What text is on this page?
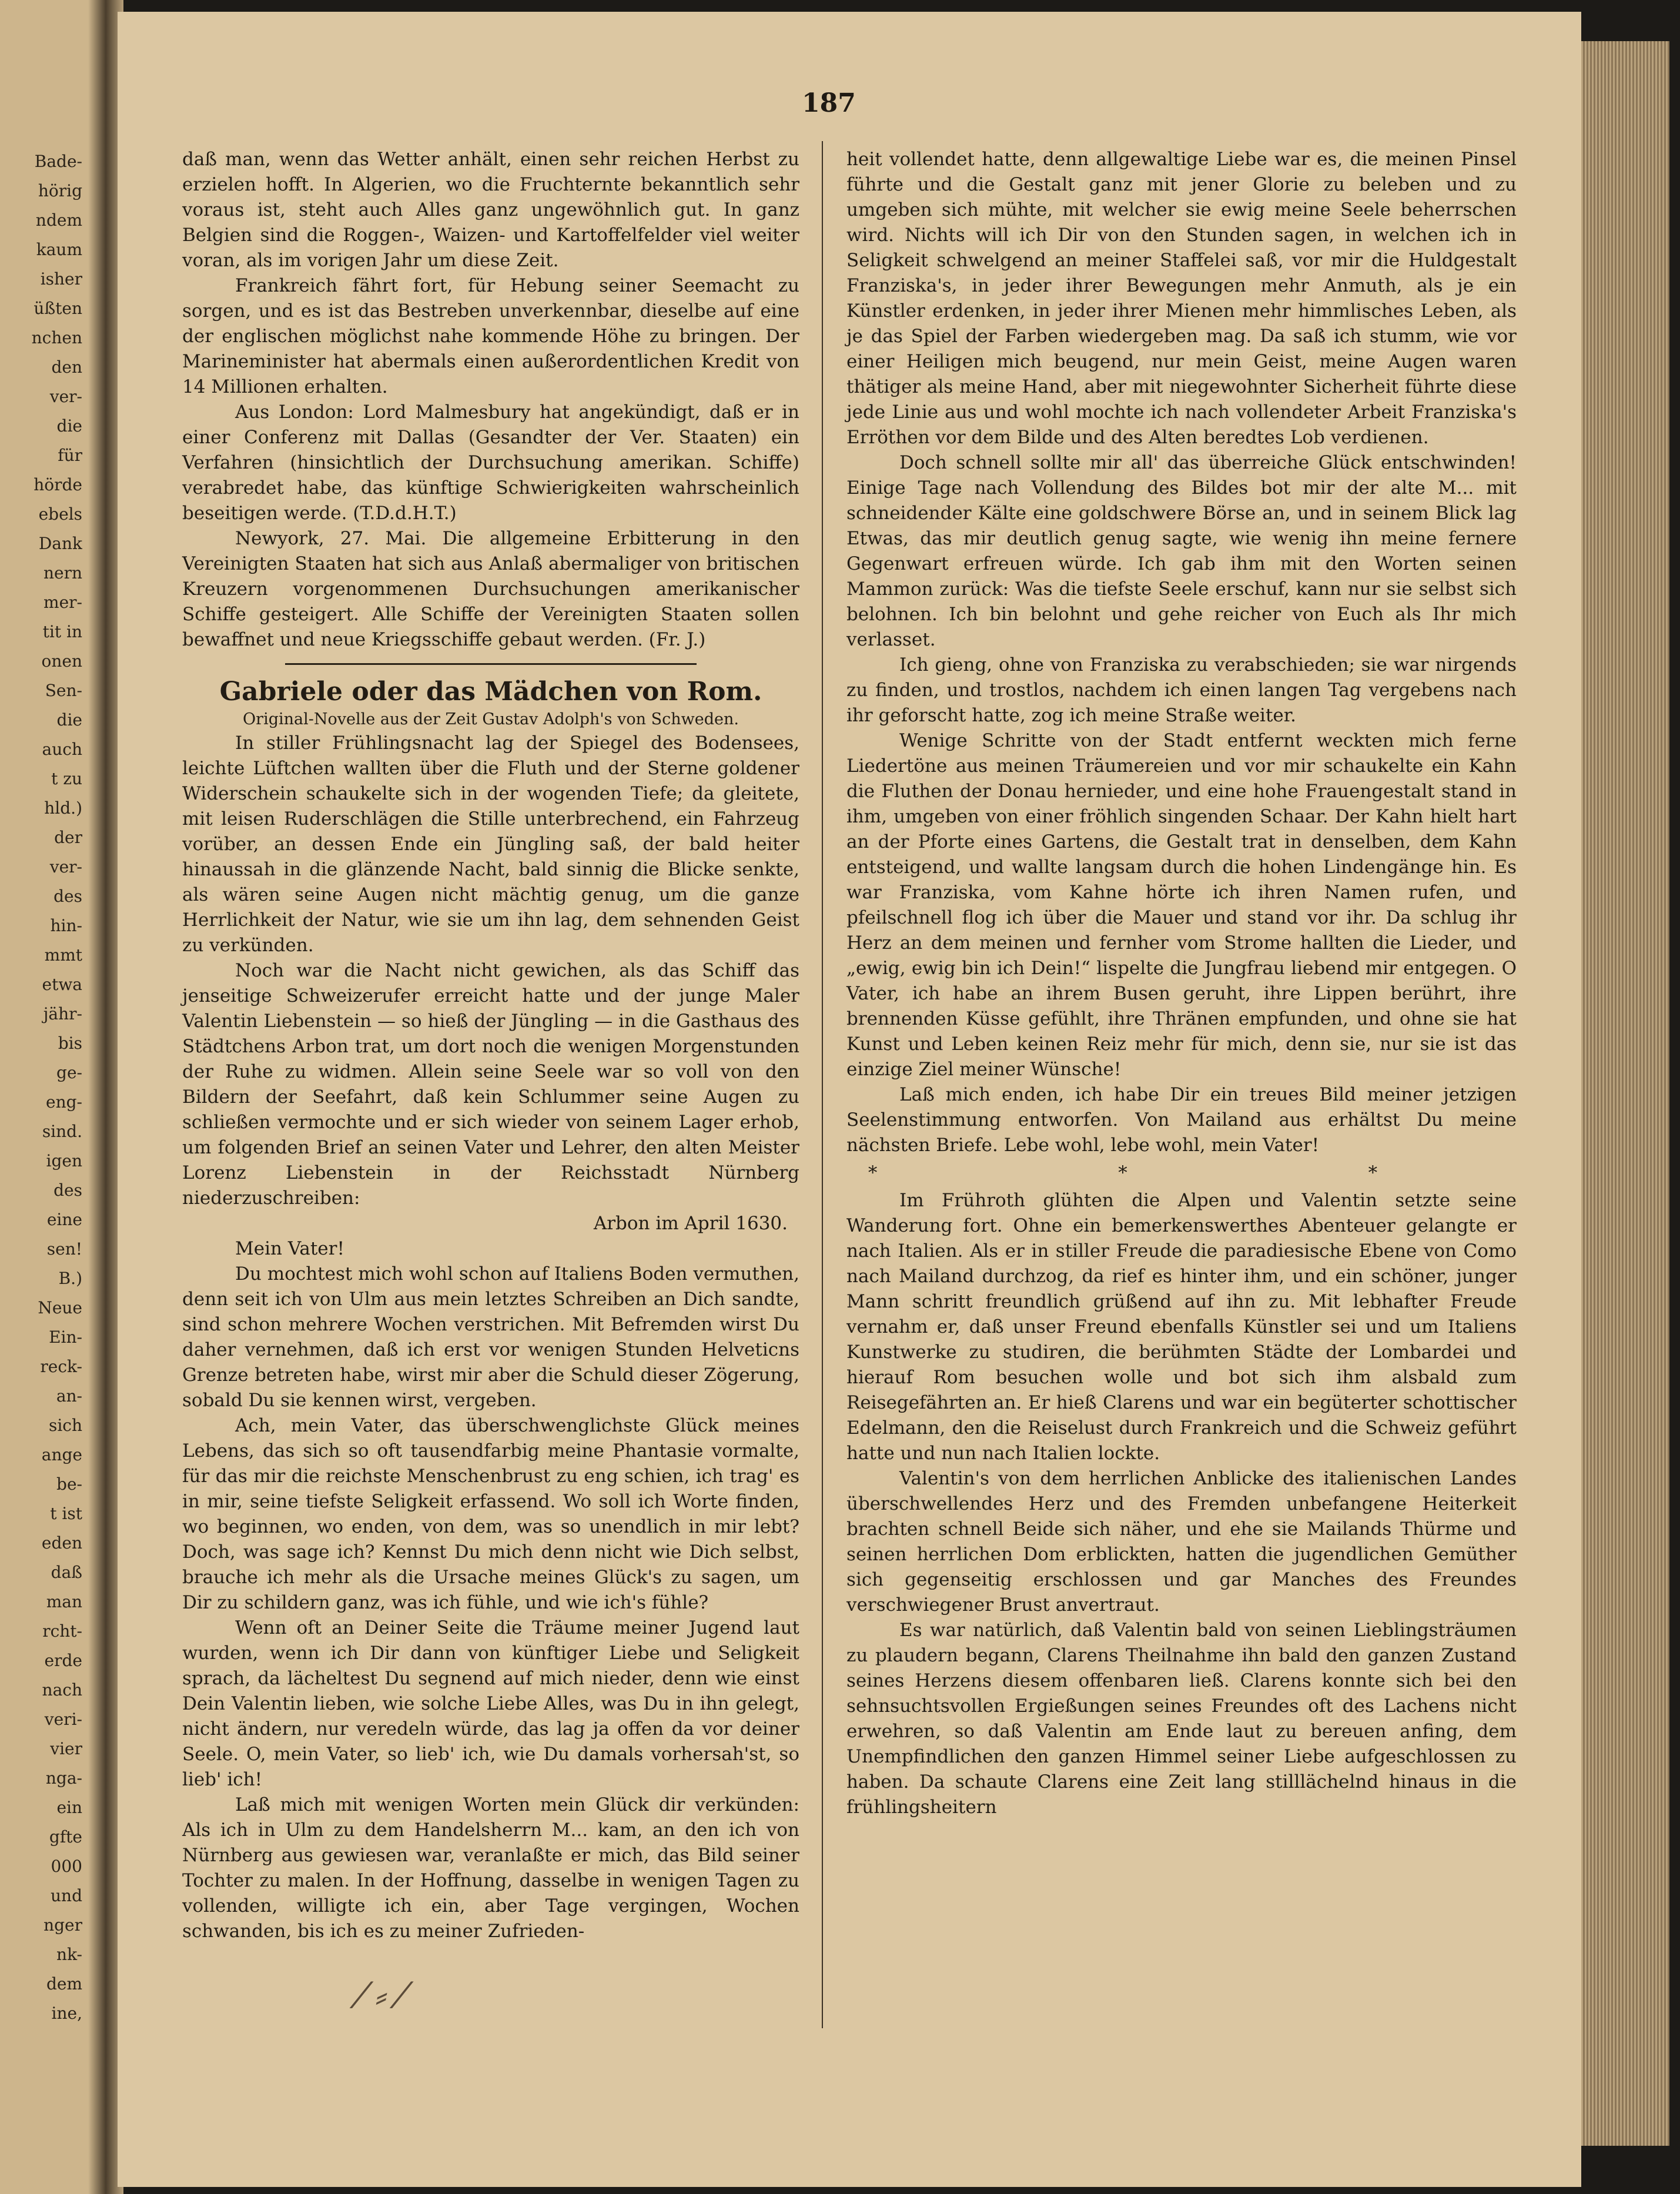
Bade-
hörig
ndem
kaum
isher
üßten
nchen
den
ver-
die
für
hörde
ebels
Dank
nern
mer-
tit in
onen
Sen-
die
auch
t zu
hld.)
der
ver-
des
hin-
mmt
etwa
jähr-
bis
ge-
eng-
sind.
igen
des
eine
sen!
B.)
Neue
Ein-
reck-
an-
sich
ange
be-
t ist
eden
daß
man
rcht-
erde
nach
veri-
vier
nga-
ein
gfte
000
und
nger
nk-
dem
ine,
187

daß man, wenn das Wetter anhält, einen sehr reichen Herbst zu erzielen hofft. In Algerien, wo die Fruchternte bekanntlich sehr voraus ist, steht auch Alles ganz ungewöhnlich gut. In ganz Belgien sind die Roggen-, Waizen- und Kartoffelfelder viel weiter voran, als im vorigen Jahr um diese Zeit.

Frankreich fährt fort, für Hebung seiner Seemacht zu sorgen, und es ist das Bestreben unverkennbar, dieselbe auf eine der englischen möglichst nahe kommende Höhe zu bringen. Der Marineminister hat abermals einen außerordentlichen Kredit von 14 Millionen erhalten.

Aus London: Lord Malmesbury hat angekündigt, daß er in einer Conferenz mit Dallas (Gesandter der Ver. Staaten) ein Verfahren (hinsichtlich der Durchsuchung amerikan. Schiffe) verabredet habe, das künftige Schwierigkeiten wahrscheinlich beseitigen werde. (T.D.d.H.T.)

Newyork, 27. Mai. Die allgemeine Erbitterung in den Vereinigten Staaten hat sich aus Anlaß abermaliger von britischen Kreuzern vorgenommenen Durchsuchungen amerikanischer Schiffe gesteigert. Alle Schiffe der Vereinigten Staaten sollen bewaffnet und neue Kriegsschiffe gebaut werden. (Fr. J.)

Gabriele oder das Mädchen von Rom.
Original-Novelle aus der Zeit Gustav Adolph's von Schweden.

In stiller Frühlingsnacht lag der Spiegel des Bodensees, leichte Lüftchen wallten über die Fluth und der Sterne goldener Widerschein schaukelte sich in der wogenden Tiefe; da gleitete, mit leisen Ruderschlägen die Stille unterbrechend, ein Fahrzeug vorüber, an dessen Ende ein Jüngling saß, der bald heiter hinaussah in die glänzende Nacht, bald sinnig die Blicke senkte, als wären seine Augen nicht mächtig genug, um die ganze Herrlichkeit der Natur, wie sie um ihn lag, dem sehnenden Geist zu verkünden.

Noch war die Nacht nicht gewichen, als das Schiff das jenseitige Schweizerufer erreicht hatte und der junge Maler Valentin Liebenstein — so hieß der Jüngling — in die Gasthaus des Städtchens Arbon trat, um dort noch die wenigen Morgenstunden der Ruhe zu widmen. Allein seine Seele war so voll von den Bildern der Seefahrt, daß kein Schlummer seine Augen zu schließen vermochte und er sich wieder von seinem Lager erhob, um folgenden Brief an seinen Vater und Lehrer, den alten Meister Lorenz Liebenstein in der Reichsstadt Nürnberg niederzuschreiben:

Arbon im April 1630.

Mein Vater!

Du mochtest mich wohl schon auf Italiens Boden vermuthen, denn seit ich von Ulm aus mein letztes Schreiben an Dich sandte, sind schon mehrere Wochen verstrichen. Mit Befremden wirst Du daher vernehmen, daß ich erst vor wenigen Stunden Helveticns Grenze betreten habe, wirst mir aber die Schuld dieser Zögerung, sobald Du sie kennen wirst, vergeben.

Ach, mein Vater, das überschwenglichste Glück meines Lebens, das sich so oft tausendfarbig meine Phantasie vormalte, für das mir die reichste Menschenbrust zu eng schien, ich trag' es in mir, seine tiefste Seligkeit erfassend. Wo soll ich Worte finden, wo beginnen, wo enden, von dem, was so unendlich in mir lebt? Doch, was sage ich? Kennst Du mich denn nicht wie Dich selbst, brauche ich mehr als die Ursache meines Glück's zu sagen, um Dir zu schildern ganz, was ich fühle, und wie ich's fühle?

Wenn oft an Deiner Seite die Träume meiner Jugend laut wurden, wenn ich Dir dann von künftiger Liebe und Seligkeit sprach, da lächeltest Du segnend auf mich nieder, denn wie einst Dein Valentin lieben, wie solche Liebe Alles, was Du in ihn gelegt, nicht ändern, nur veredeln würde, das lag ja offen da vor deiner Seele. O, mein Vater, so lieb' ich, wie Du damals vorhersah'st, so lieb' ich!

Laß mich mit wenigen Worten mein Glück dir verkünden: Als ich in Ulm zu dem Handelsherrn M... kam, an den ich von Nürnberg aus gewiesen war, veranlaßte er mich, das Bild seiner Tochter zu malen. In der Hoffnung, dasselbe in wenigen Tagen zu vollenden, willigte ich ein, aber Tage vergingen, Wochen schwanden, bis ich es zu meiner Zufrieden-

heit vollendet hatte, denn allgewaltige Liebe war es, die meinen Pinsel führte und die Gestalt ganz mit jener Glorie zu beleben und zu umgeben sich mühte, mit welcher sie ewig meine Seele beherrschen wird. Nichts will ich Dir von den Stunden sagen, in welchen ich in Seligkeit schwelgend an meiner Staffelei saß, vor mir die Huldgestalt Franziska's, in jeder ihrer Bewegungen mehr Anmuth, als je ein Künstler erdenken, in jeder ihrer Mienen mehr himmlisches Leben, als je das Spiel der Farben wiedergeben mag. Da saß ich stumm, wie vor einer Heiligen mich beugend, nur mein Geist, meine Augen waren thätiger als meine Hand, aber mit niegewohnter Sicherheit führte diese jede Linie aus und wohl mochte ich nach vollendeter Arbeit Franziska's Erröthen vor dem Bilde und des Alten beredtes Lob verdienen.

Doch schnell sollte mir all' das überreiche Glück entschwinden! Einige Tage nach Vollendung des Bildes bot mir der alte M... mit schneidender Kälte eine goldschwere Börse an, und in seinem Blick lag Etwas, das mir deutlich genug sagte, wie wenig ihn meine fernere Gegenwart erfreuen würde. Ich gab ihm mit den Worten seinen Mammon zurück: Was die tiefste Seele erschuf, kann nur sie selbst sich belohnen. Ich bin belohnt und gehe reicher von Euch als Ihr mich verlasset.

Ich gieng, ohne von Franziska zu verabschieden; sie war nirgends zu finden, und trostlos, nachdem ich einen langen Tag vergebens nach ihr geforscht hatte, zog ich meine Straße weiter.

Wenige Schritte von der Stadt entfernt weckten mich ferne Liedertöne aus meinen Träumereien und vor mir schaukelte ein Kahn die Fluthen der Donau hernieder, und eine hohe Frauengestalt stand in ihm, umgeben von einer fröhlich singenden Schaar. Der Kahn hielt hart an der Pforte eines Gartens, die Gestalt trat in denselben, dem Kahn entsteigend, und wallte langsam durch die hohen Lindengänge hin. Es war Franziska, vom Kahne hörte ich ihren Namen rufen, und pfeilschnell flog ich über die Mauer und stand vor ihr. Da schlug ihr Herz an dem meinen und fernher vom Strome hallten die Lieder, und „ewig, ewig bin ich Dein!“ lispelte die Jungfrau liebend mir entgegen. O Vater, ich habe an ihrem Busen geruht, ihre Lippen berührt, ihre brennenden Küsse gefühlt, ihre Thränen empfunden, und ohne sie hat Kunst und Leben keinen Reiz mehr für mich, denn sie, nur sie ist das einzige Ziel meiner Wünsche!

Laß mich enden, ich habe Dir ein treues Bild meiner jetzigen Seelenstimmung entworfen. Von Mailand aus erhältst Du meine nächsten Briefe. Lebe wohl, lebe wohl, mein Vater!

* * *

Im Frühroth glühten die Alpen und Valentin setzte seine Wanderung fort. Ohne ein bemerkenswerthes Abenteuer gelangte er nach Italien. Als er in stiller Freude die paradiesische Ebene von Como nach Mailand durchzog, da rief es hinter ihm, und ein schöner, junger Mann schritt freundlich grüßend auf ihn zu. Mit lebhafter Freude vernahm er, daß unser Freund ebenfalls Künstler sei und um Italiens Kunstwerke zu studiren, die berühmten Städte der Lombardei und hierauf Rom besuchen wolle und bot sich ihm alsbald zum Reisegefährten an. Er hieß Clarens und war ein begüterter schottischer Edelmann, den die Reiselust durch Frankreich und die Schweiz geführt hatte und nun nach Italien lockte.

Valentin's von dem herrlichen Anblicke des italienischen Landes überschwellendes Herz und des Fremden unbefangene Heiterkeit brachten schnell Beide sich näher, und ehe sie Mailands Thürme und seinen herrlichen Dom erblickten, hatten die jugendlichen Gemüther sich gegenseitig erschlossen und gar Manches des Freundes verschwiegener Brust anvertraut.

Es war natürlich, daß Valentin bald von seinen Lieblingsträumen zu plaudern begann, Clarens Theilnahme ihn bald den ganzen Zustand seines Herzens diesem offenbaren ließ. Clarens konnte sich bei den sehnsuchtsvollen Ergießungen seines Freundes oft des Lachens nicht erwehren, so daß Valentin am Ende laut zu bereuen anfing, dem Unempfindlichen den ganzen Himmel seiner Liebe aufgeschlossen zu haben. Da schaute Clarens eine Zeit lang stilllächelnd hinaus in die frühlingsheitern

⁄ ⸗ ⁄
